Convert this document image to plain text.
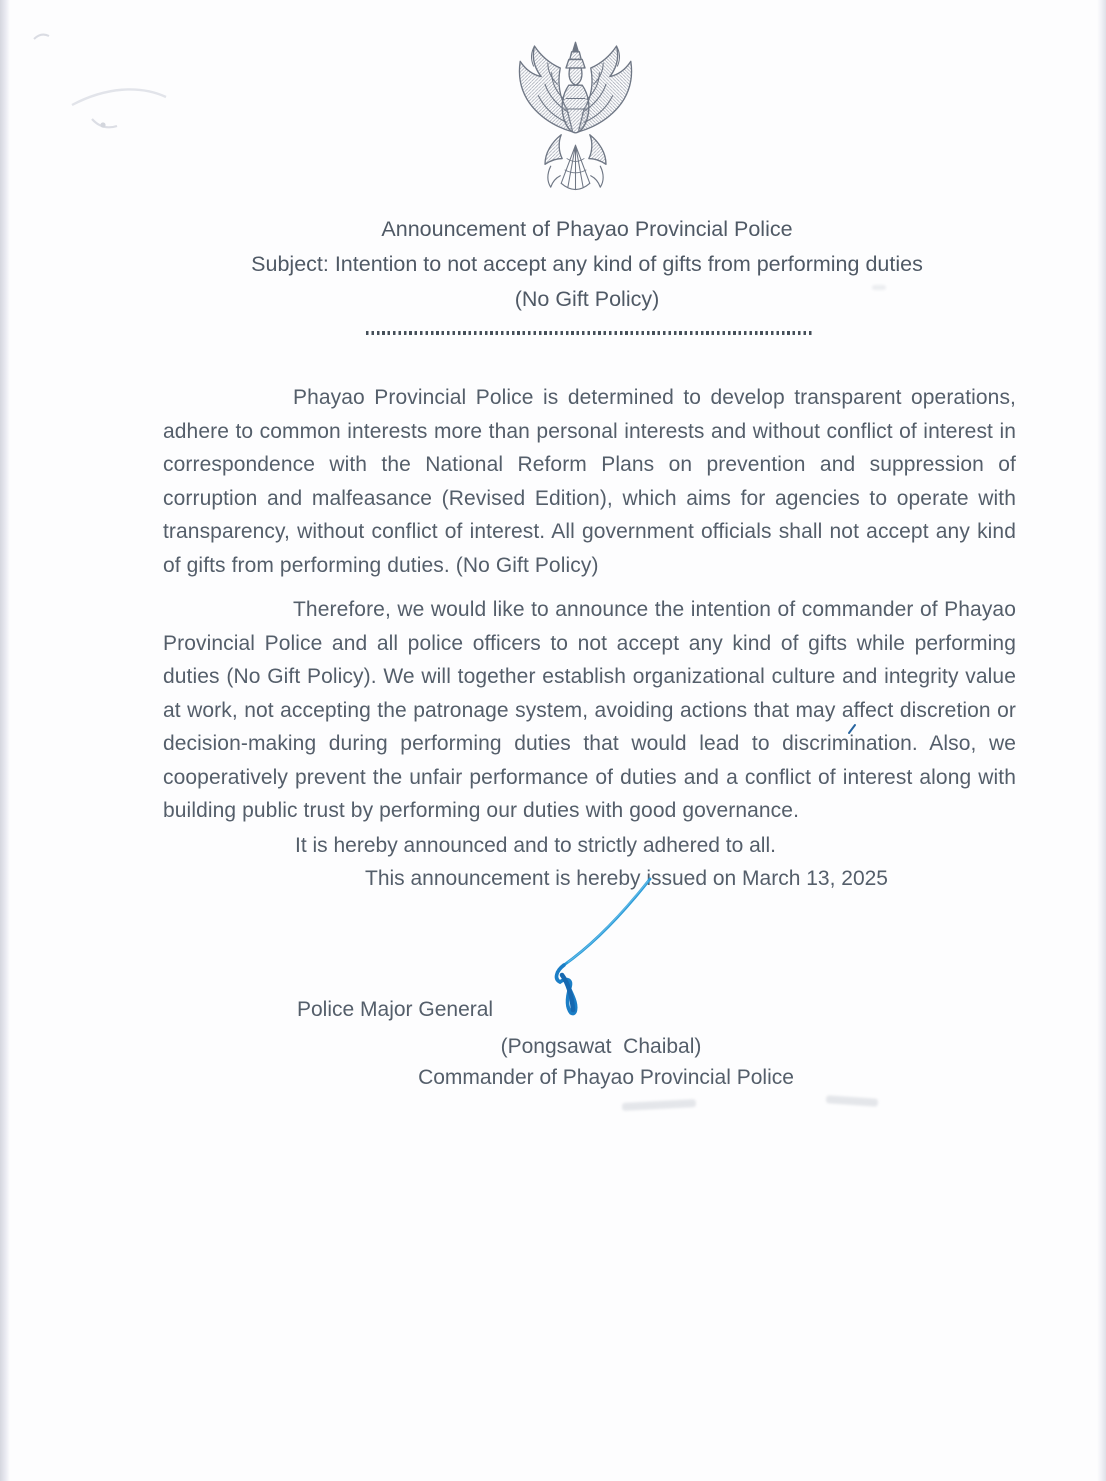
Announcement of Phayao Provincial Police
Subject: Intention to not accept any kind of gifts from performing duties
(No Gift Policy)

Phayao Provincial Police is determined to develop transparent operations, adhere to common interests more than personal interests and without conflict of interest in correspondence with the National Reform Plans on prevention and suppression of corruption and malfeasance (Revised Edition), which aims for agencies to operate with transparency, without conflict of interest. All government officials shall not accept any kind of gifts from performing duties. (No Gift Policy)

Therefore, we would like to announce the intention of commander of Phayao Provincial Police and all police officers to not accept any kind of gifts while performing duties (No Gift Policy). We will together establish organizational culture and integrity value at work, not accepting the patronage system, avoiding actions that may affect discretion or decision-making during performing duties that would lead to discrimination. Also, we cooperatively prevent the unfair performance of duties and a conflict of interest along with building public trust by performing our duties with good governance.

It is hereby announced and to strictly adhered to all.

This announcement is hereby issued on March 13, 2025

Police Major General
(Pongsawat  Chaibal)
Commander of Phayao Provincial Police
